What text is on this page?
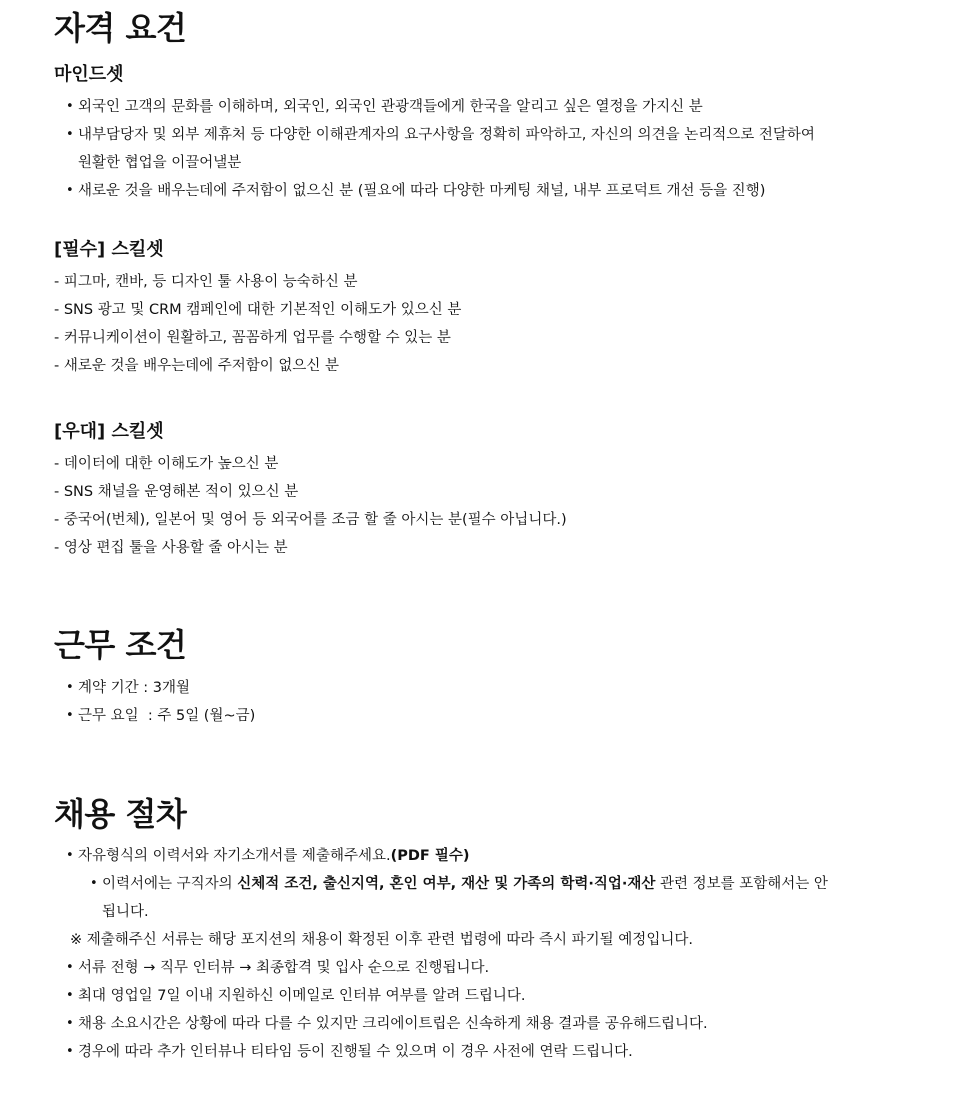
자격 요건
마인드셋
• 외국인 고객의 문화를 이해하며, 외국인, 외국인 관광객들에게 한국을 알리고 싶은 열정을 가지신 분
• 내부담당자 및 외부 제휴처 등 다양한 이해관계자의 요구사항을 정확히 파악하고, 자신의 의견을 논리적으로 전달하여
원활한 협업을 이끌어낼분
• 새로운 것을 배우는데에 주저함이 없으신 분 (필요에 따라 다양한 마케팅 채널, 내부 프로덕트 개선 등을 진행)
[필수] 스킬셋
- 피그마, 캔바, 등 디자인 툴 사용이 능숙하신 분
- SNS 광고 및 CRM 캠페인에 대한 기본적인 이해도가 있으신 분
- 커뮤니케이션이 원활하고, 꼼꼼하게 업무를 수행할 수 있는 분
- 새로운 것을 배우는데에 주저함이 없으신 분
[우대] 스킬셋
- 데이터에 대한 이해도가 높으신 분
- SNS 채널을 운영해본 적이 있으신 분
- 중국어(번체), 일본어 및 영어 등 외국어를 조금 할 줄 아시는 분(필수 아닙니다.)
- 영상 편집 툴을 사용할 줄 아시는 분
근무 조건
• 계약 기간 : 3개월
• 근무 요일  : 주 5일 (월~금)
채용 절차
• 자유형식의 이력서와 자기소개서를 제출해주세요.(PDF 필수)
• 이력서에는 구직자의 신체적 조건, 출신지역, 혼인 여부, 재산 및 가족의 학력·직업·재산 관련 정보를 포함해서는 안
됩니다.
※ 제출해주신 서류는 해당 포지션의 채용이 확정된 이후 관련 법령에 따라 즉시 파기될 예정입니다.
• 서류 전형 → 직무 인터뷰 → 최종합격 및 입사 순으로 진행됩니다.
• 최대 영업일 7일 이내 지원하신 이메일로 인터뷰 여부를 알려 드립니다.
• 채용 소요시간은 상황에 따라 다를 수 있지만 크리에이트립은 신속하게 채용 결과를 공유해드립니다.
• 경우에 따라 추가 인터뷰나 티타임 등이 진행될 수 있으며 이 경우 사전에 연락 드립니다.
